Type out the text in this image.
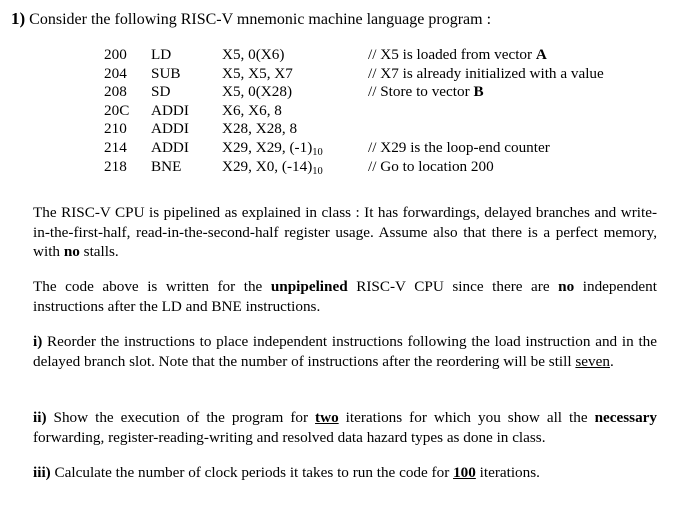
1) Consider the following RISC-V mnemonic machine language program :
200 LD	X5, 0(X6)	// X5 is loaded from vector A
204 SUB	X5, X5, X7	// X7 is already initialized with a value
208 SD	X5, 0(X28)	// Store to vector B
20C ADDI X6, X6, 8
210 ADDI X28, X28, 8
214 ADDI X29, X29, $(-1)_{10}$	// X29 is the loop-end counter
218 BNE	X29, X0, $(-14)_{10}$	// Go to location 200
The RISC-V CPU is pipelined as explained in class : It has forwardings, delayed branches and write-in-the-first-half, read-in-the-second-half register usage. Assume also that there is a perfect memory, with no stalls.
The code above is written for the unpipelined RISC-V CPU since there are no independent instructions after the LD and BNE instructions.
i) Reorder the instructions to place independent instructions following the load instruction and in the delayed branch slot. Note that the number of instructions after the reordering will be still seven.
ii) Show the execution of the program for two iterations for which you show all the necessary forwarding, register-reading-writing and resolved data hazard types as done in class.
iii) Calculate the number of clock periods it takes to run the code for 100 iterations.
